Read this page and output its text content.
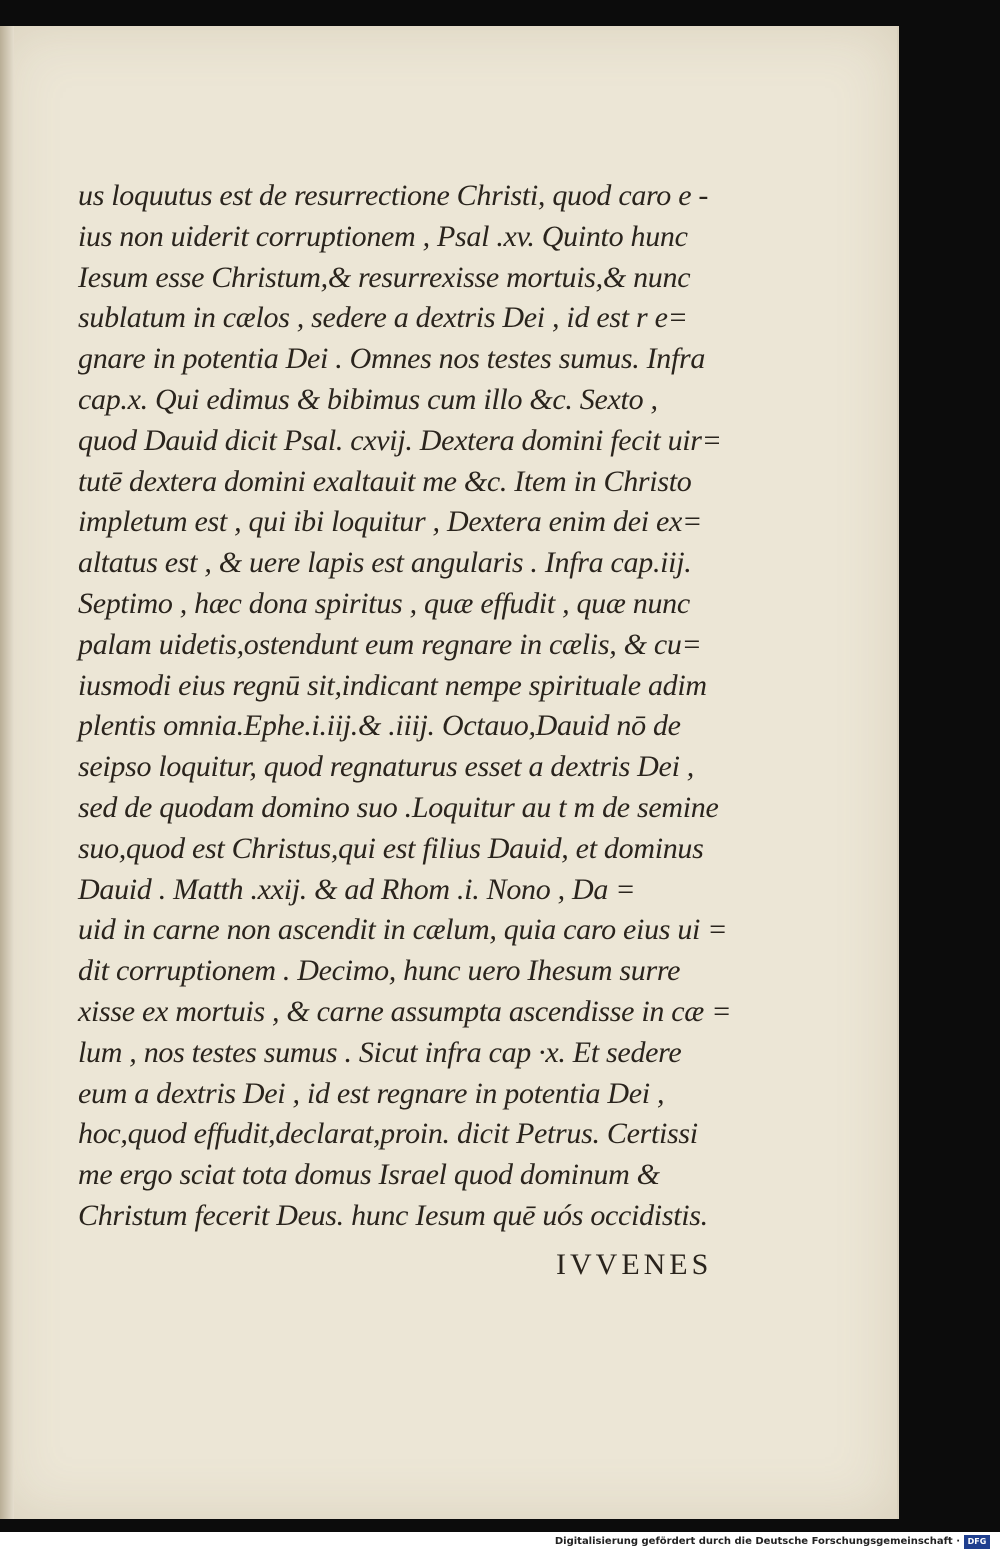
us loquutus est de resurrectione Christi, quod caro e -
ius non uiderit corruptionem , Psal .xv. Quinto hunc
Iesum esse Christum,& resurrexisse mortuis,& nunc
sublatum in cælos , sedere a dextris Dei , id est r e=
gnare in potentia Dei . Omnes nos testes sumus. Infra
cap.x. Qui edimus & bibimus cum illo &c. Sexto ,
quod Dauid dicit Psal. cxvij. Dextera domini fecit uir=
tutē dextera domini exaltauit me &c. Item in Christo
impletum est , qui ibi loquitur , Dextera enim dei ex=
altatus est , & uere lapis est angularis . Infra cap.iij.
Septimo , hæc dona spiritus , quæ effudit , quæ nunc
palam uidetis,ostendunt eum regnare in cælis, & cu=
iusmodi eius regnū sit,indicant nempe spirituale adim
plentis omnia.Ephe.i.iij.& .iiij. Octauo,Dauid nō de
seipso loquitur, quod regnaturus esset a dextris Dei ,
sed de quodam domino suo .Loquitur au t m de semine
suo,quod est Christus,qui est filius Dauid, et dominus
Dauid . Matth .xxij. & ad Rhom .i. Nono , Da =
uid in carne non ascendit in cælum, quia caro eius ui =
dit corruptionem . Decimo, hunc uero Ihesum surre
xisse ex mortuis , & carne assumpta ascendisse in cæ =
lum , nos testes sumus . Sicut infra cap ·x. Et sedere
eum a dextris Dei , id est regnare in potentia Dei ,
hoc,quod effudit,declarat,proin. dicit Petrus. Certissi
me ergo sciat tota domus Israel quod dominum &
Christum fecerit Deus. hunc Iesum quē uós occidistis.
IVVENES
Digitalisierung gefördert durch die Deutsche Forschungsgemeinschaft · DFG
